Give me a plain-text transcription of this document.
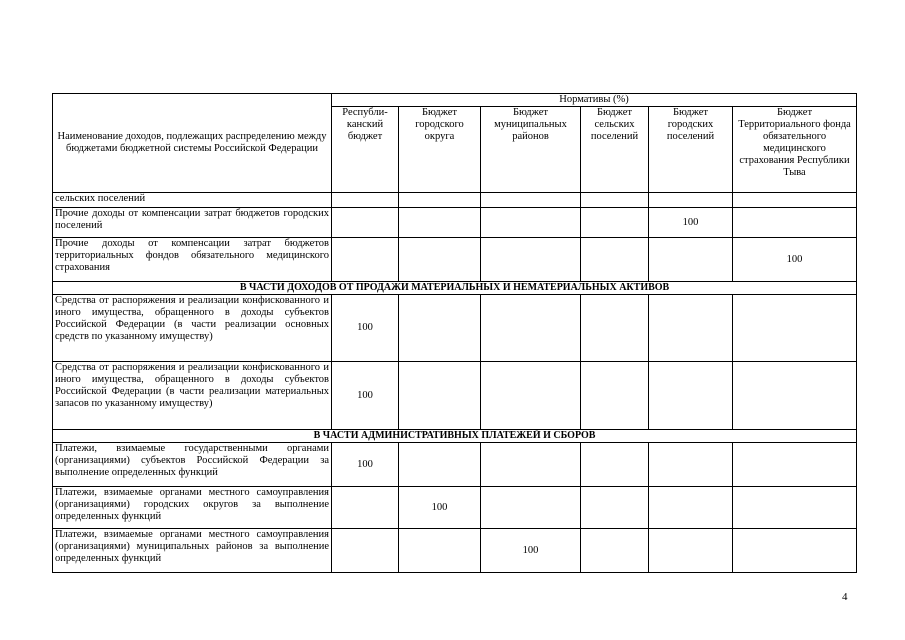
Наименование доходов, подлежащих распределению между бюджетами бюджетной системы Российской Федерации	Нормативы (%)					
	Республи-канский бюджет	Бюджет городского округа	Бюджет муниципальных районов	Бюджет сельских поселений	Бюджет городских поселений	Бюджет Территориального фонда обязательного медицинского страхования Республики Тыва
сельских поселений						
Прочие доходы от компенсации затрат бюджетов городских поселений					100	
Прочие доходы от компенсации затрат бюджетов территориальных фондов обязательного медицинского страхования						100
В ЧАСТИ ДОХОДОВ ОТ ПРОДАЖИ МАТЕРИАЛЬНЫХ И НЕМАТЕРИАЛЬНЫХ АКТИВОВ						
Средства от распоряжения и реализации конфискованного и иного имущества, обращенного в доходы субъектов Российской Федерации (в части реализации основных средств по указанному имуществу)	100					
Средства от распоряжения и реализации конфискованного и иного имущества, обращенного в доходы субъектов Российской Федерации (в части реализации материальных запасов по указанному имуществу)	100					
В ЧАСТИ АДМИНИСТРАТИВНЫХ ПЛАТЕЖЕЙ И СБОРОВ						
Платежи, взимаемые государственными органами (организациями) субъектов Российской Федерации за выполнение определенных функций	100					
Платежи, взимаемые органами местного самоуправления (организациями) городских округов за выполнение определенных функций		100				
Платежи, взимаемые органами местного самоуправления (организациями) муниципальных районов за выполнение определенных функций			100			
4
